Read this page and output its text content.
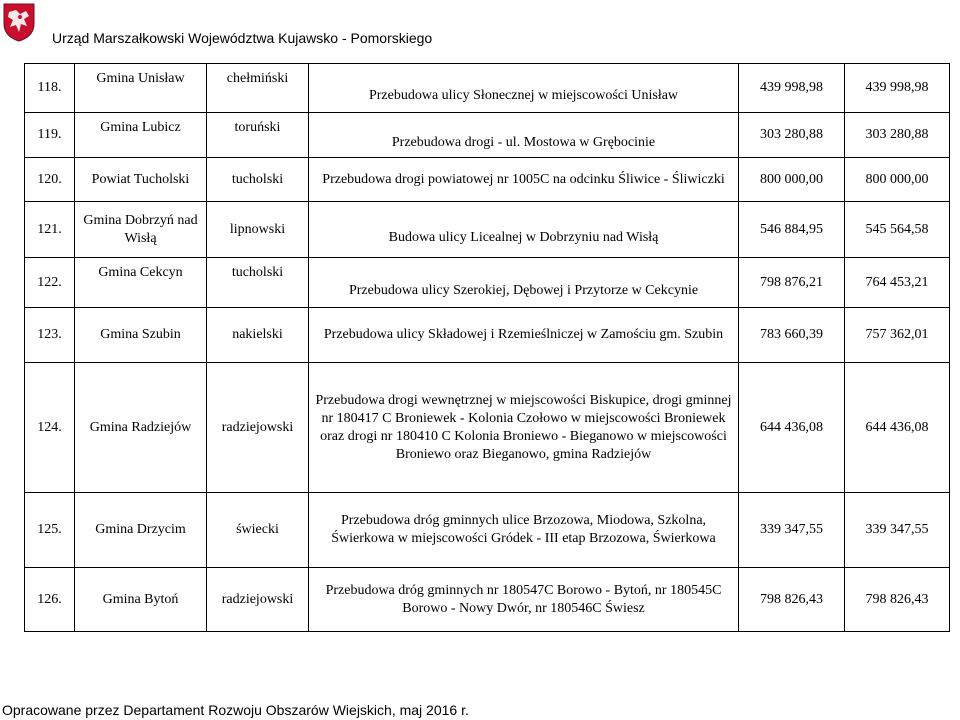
Urząd Marszałkowski Województwa Kujawsko - Pomorskiego
118.	Gmina Unisław	chełmiński	Przebudowa ulicy Słonecznej w miejscowości Unisław	439 998,98	439 998,98
119.	Gmina Lubicz	toruński	Przebudowa drogi - ul. Mostowa w Grębocinie	303 280,88	303 280,88
120.	Powiat Tucholski	tucholski	Przebudowa drogi powiatowej nr 1005C na odcinku Śliwice - Śliwiczki	800 000,00	800 000,00
121.	Gmina Dobrzyń nad Wisłą	lipnowski	Budowa ulicy Licealnej w Dobrzyniu nad Wisłą	546 884,95	545 564,58
122.	Gmina Cekcyn	tucholski	Przebudowa ulicy Szerokiej, Dębowej i Przytorze w Cekcynie	798 876,21	764 453,21
123.	Gmina Szubin	nakielski	Przebudowa ulicy Składowej i Rzemieślniczej w Zamościu gm. Szubin	783 660,39	757 362,01
124.	Gmina Radziejów	radziejowski	Przebudowa drogi wewnętrznej w miejscowości Biskupice, drogi gminnej nr 180417 C Broniewek - Kolonia Czołowo w miejscowości Broniewek oraz drogi nr 180410 C Kolonia Broniewo - Bieganowo w miejscowości Broniewo oraz Bieganowo, gmina Radziejów	644 436,08	644 436,08
125.	Gmina Drzycim	świecki	Przebudowa dróg gminnych ulice Brzozowa, Miodowa, Szkolna, Świerkowa w miejscowości Gródek - III etap Brzozowa, Świerkowa	339 347,55	339 347,55
126.	Gmina Bytoń	radziejowski	Przebudowa dróg gminnych nr 180547C Borowo - Bytoń, nr 180545C Borowo - Nowy Dwór, nr 180546C Świesz	798 826,43	798 826,43
Opracowane przez Departament Rozwoju Obszarów Wiejskich, maj 2016 r.
